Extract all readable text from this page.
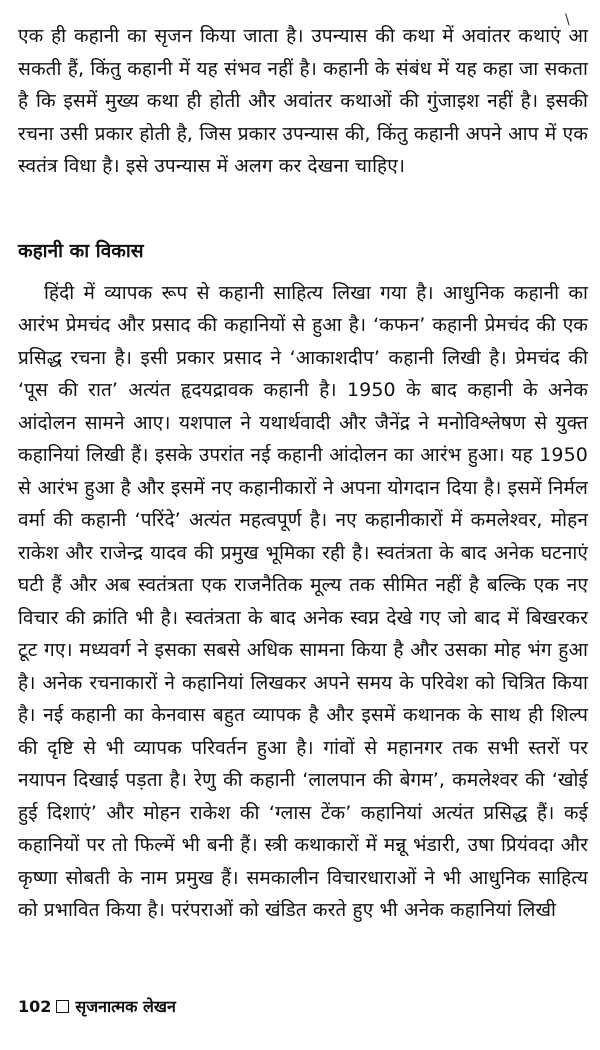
\

एक ही कहानी का सृजन किया जाता है। उपन्यास की कथा में अवांतर कथाएं आ सकती हैं, किंतु कहानी में यह संभव नहीं है। कहानी के संबंध में यह कहा जा सकता है कि इसमें मुख्य कथा ही होती और अवांतर कथाओं की गुंजाइश नहीं है। इसकी रचना उसी प्रकार होती है, जिस प्रकार उपन्यास की, किंतु कहानी अपने आप में एक स्वतंत्र विधा है। इसे उपन्यास में अलग कर देखना चाहिए।

कहानी का विकास

हिंदी में व्यापक रूप से कहानी साहित्य लिखा गया है। आधुनिक कहानी का आरंभ प्रेमचंद और प्रसाद की कहानियों से हुआ है। ‘कफन’ कहानी प्रेमचंद की एक प्रसिद्ध रचना है। इसी प्रकार प्रसाद ने ‘आकाशदीप’ कहानी लिखी है। प्रेमचंद की ‘पूस की रात’ अत्यंत हृदयद्रावक कहानी है। 1950 के बाद कहानी के अनेक आंदोलन सामने आए। यशपाल ने यथार्थवादी और जैनेंद्र ने मनोविश्लेषण से युक्त कहानियां लिखी हैं। इसके उपरांत नई कहानी आंदोलन का आरंभ हुआ। यह 1950 से आरंभ हुआ है और इसमें नए कहानीकारों ने अपना योगदान दिया है। इसमें निर्मल वर्मा की कहानी ‘परिंदे’ अत्यंत महत्वपूर्ण है। नए कहानीकारों में कमलेश्वर, मोहन राकेश और राजेन्द्र यादव की प्रमुख भूमिका रही है। स्वतंत्रता के बाद अनेक घटनाएं घटी हैं और अब स्वतंत्रता एक राजनैतिक मूल्य तक सीमित नहीं है बल्कि एक नए विचार की क्रांति भी है। स्वतंत्रता के बाद अनेक स्वप्न देखे गए जो बाद में बिखरकर टूट गए। मध्यवर्ग ने इसका सबसे अधिक सामना किया है और उसका मोह भंग हुआ है। अनेक रचनाकारों ने कहानियां लिखकर अपने समय के परिवेश को चित्रित किया है। नई कहानी का केनवास बहुत व्यापक है और इसमें कथानक के साथ ही शिल्प की दृष्टि से भी व्यापक परिवर्तन हुआ है। गांवों से महानगर तक सभी स्तरों पर नयापन दिखाई पड़ता है। रेणु की कहानी ‘लालपान की बेगम’, कमलेश्वर की ‘खोई हुई दिशाएं’ और मोहन राकेश की ‘ग्लास टेंक’ कहानियां अत्यंत प्रसिद्ध हैं। कई कहानियों पर तो फिल्में भी बनी हैं। स्त्री कथाकारों में मन्नू भंडारी, उषा प्रियंवदा और कृष्णा सोबती के नाम प्रमुख हैं। समकालीन विचारधाराओं ने भी आधुनिक साहित्य को प्रभावित किया है। परंपराओं को खंडित करते हुए भी अनेक कहानियां लिखी

102 सृजनात्मक लेखन
